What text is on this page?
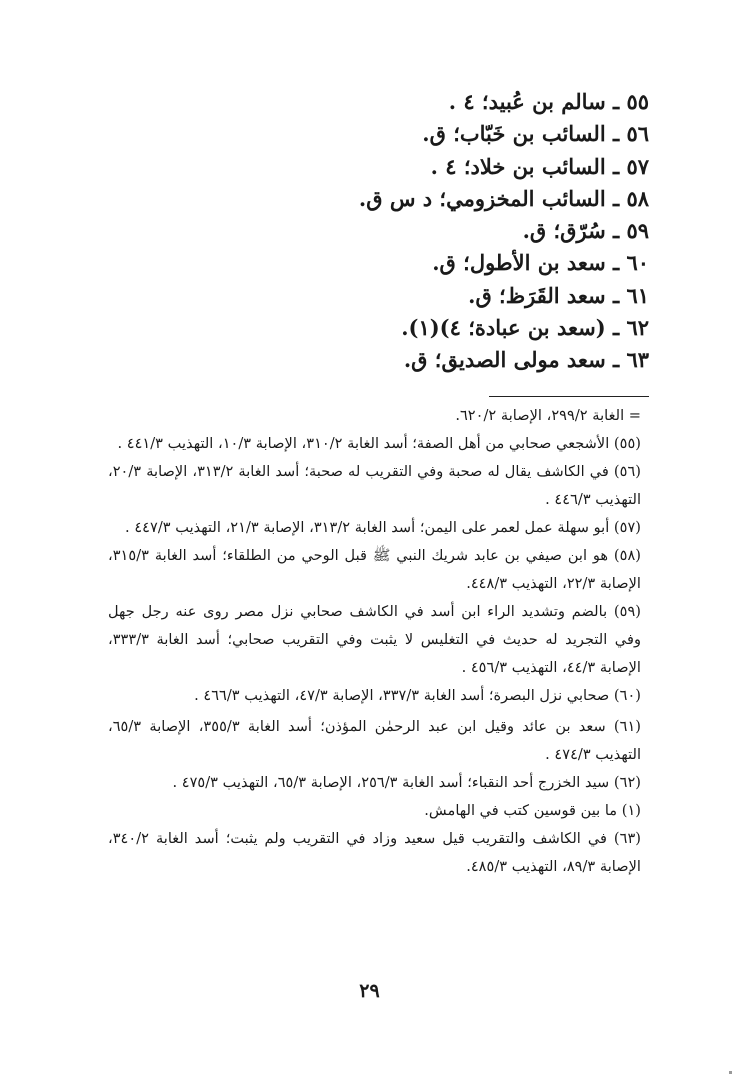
٥٥ ـ سالم بن عُبيد؛ ٤ .
٥٦ ـ السائب بن خَبّاب؛ ق.
٥٧ ـ السائب بن خلاد؛ ٤ .
٥٨ ـ السائب المخزومي؛ د س ق.
٥٩ ـ سُرّق؛ ق.
٦٠ ـ سعد بن الأطول؛ ق.
٦١ ـ سعد القَرَظ؛ ق.
٦٢ ـ (سعد بن عبادة؛ ٤)(١).
٦٣ ـ سعد مولى الصديق؛ ق.

= الغابة ٢٩٩/٢، الإصابة ٦٢٠/٢.

(٥٥) الأشجعي صحابي من أهل الصفة؛ أسد الغابة ٣١٠/٢، الإصابة ١٠/٣، التهذيب ٤٤١/٣ .

(٥٦) في الكاشف يقال له صحبة وفي التقريب له صحبة؛ أسد الغابة ٣١٣/٢، الإصابة ٢٠/٣، التهذيب ٤٤٦/٣ .

(٥٧) أبو سهلة عمل لعمر على اليمن؛ أسد الغابة ٣١٣/٢، الإصابة ٢١/٣، التهذيب ٤٤٧/٣ .

(٥٨) هو ابن صيفي بن عابد شريك النبي ﷺ قبل الوحي من الطلقاء؛ أسد الغابة ٣١٥/٣، الإصابة ٢٢/٣، التهذيب ٤٤٨/٣.

(٥٩) بالضم وتشديد الراء ابن أسد في الكاشف صحابي نزل مصر روى عنه رجل جهل وفي التجريد له حديث في التغليس لا يثبت وفي التقريب صحابي؛ أسد الغابة ٣٣٣/٣، الإصابة ٤٤/٣، التهذيب ٤٥٦/٣ .

(٦٠) صحابي نزل البصرة؛ أسد الغابة ٣٣٧/٣، الإصابة ٤٧/٣، التهذيب ٤٦٦/٣ .

(٦١) سعد بن عائد وقيل ابن عبد الرحمٰن المؤذن؛ أسد الغابة ٣٥٥/٣، الإصابة ٦٥/٣، التهذيب ٤٧٤/٣ .

(٦٢) سيد الخزرج أحد النقباء؛ أسد الغابة ٢٥٦/٣، الإصابة ٦٥/٣، التهذيب ٤٧٥/٣ .

(١) ما بين قوسين كتب في الهامش.

(٦٣) في الكاشف والتقريب قيل سعيد وزاد في التقريب ولم يثبت؛ أسد الغابة ٣٤٠/٢، الإصابة ٨٩/٣، التهذيب ٤٨٥/٣.

٢٩
